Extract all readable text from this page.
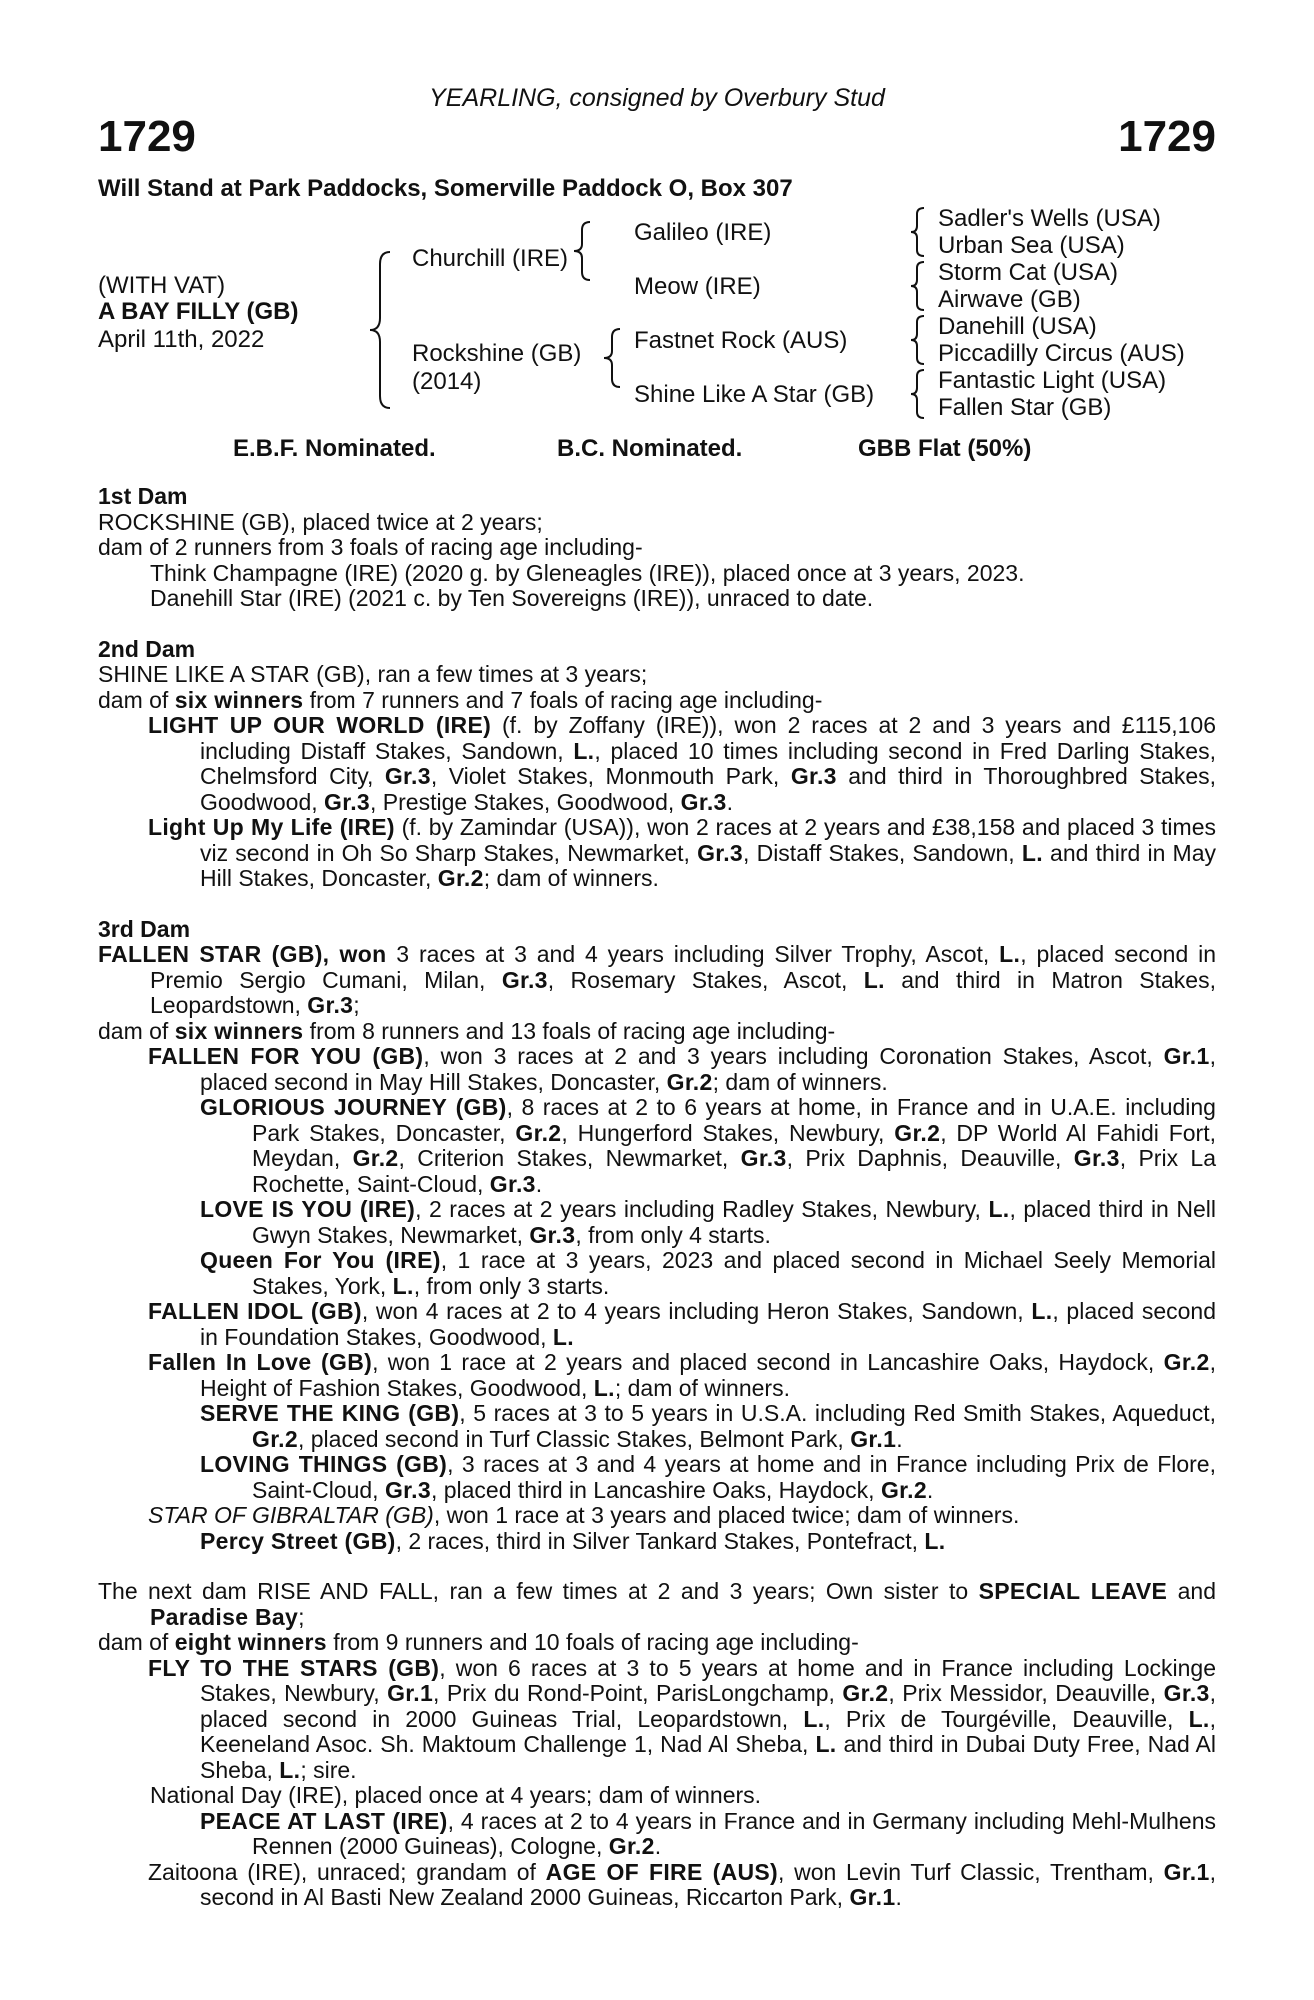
YEARLING, consigned by Overbury Stud
1729	1729
Will Stand at Park Paddocks, Somerville Paddock O, Box 307
(WITH VAT)
A BAY FILLY (GB)
April 11th, 2022
Churchill (IRE)
Rockshine (GB)
(2014)
Galileo (IRE)
Meow (IRE)
Fastnet Rock (AUS)
Shine Like A Star (GB)
Sadler's Wells (USA)
Urban Sea (USA)
Storm Cat (USA)
Airwave (GB)
Danehill (USA)
Piccadilly Circus (AUS)
Fantastic Light (USA)
Fallen Star (GB)
E.B.F. Nominated.	B.C. Nominated.	GBB Flat (50%)
1st Dam
ROCKSHINE (GB), placed twice at 2 years;
dam of 2 runners from 3 foals of racing age including-
Think Champagne (IRE) (2020 g. by Gleneagles (IRE)), placed once at 3 years, 2023.
Danehill Star (IRE) (2021 c. by Ten Sovereigns (IRE)), unraced to date.
2nd Dam
SHINE LIKE A STAR (GB), ran a few times at 3 years;
dam of six winners from 7 runners and 7 foals of racing age including-
LIGHT UP OUR WORLD (IRE) (f. by Zoffany (IRE)), won 2 races at 2 and 3 years and £115,106 including Distaff Stakes, Sandown, L., placed 10 times including second in Fred Darling Stakes, Chelmsford City, Gr.3, Violet Stakes, Monmouth Park, Gr.3 and third in Thoroughbred Stakes, Goodwood, Gr.3, Prestige Stakes, Goodwood, Gr.3.
Light Up My Life (IRE) (f. by Zamindar (USA)), won 2 races at 2 years and £38,158 and placed 3 times viz second in Oh So Sharp Stakes, Newmarket, Gr.3, Distaff Stakes, Sandown, L. and third in May Hill Stakes, Doncaster, Gr.2; dam of winners.
3rd Dam
FALLEN STAR (GB), won 3 races at 3 and 4 years including Silver Trophy, Ascot, L., placed second in Premio Sergio Cumani, Milan, Gr.3, Rosemary Stakes, Ascot, L. and third in Matron Stakes, Leopardstown, Gr.3;
dam of six winners from 8 runners and 13 foals of racing age including-
FALLEN FOR YOU (GB), won 3 races at 2 and 3 years including Coronation Stakes, Ascot, Gr.1, placed second in May Hill Stakes, Doncaster, Gr.2; dam of winners.
GLORIOUS JOURNEY (GB), 8 races at 2 to 6 years at home, in France and in U.A.E. including Park Stakes, Doncaster, Gr.2, Hungerford Stakes, Newbury, Gr.2, DP World Al Fahidi Fort, Meydan, Gr.2, Criterion Stakes, Newmarket, Gr.3, Prix Daphnis, Deauville, Gr.3, Prix La Rochette, Saint-Cloud, Gr.3.
LOVE IS YOU (IRE), 2 races at 2 years including Radley Stakes, Newbury, L., placed third in Nell Gwyn Stakes, Newmarket, Gr.3, from only 4 starts.
Queen For You (IRE), 1 race at 3 years, 2023 and placed second in Michael Seely Memorial Stakes, York, L., from only 3 starts.
FALLEN IDOL (GB), won 4 races at 2 to 4 years including Heron Stakes, Sandown, L., placed second in Foundation Stakes, Goodwood, L.
Fallen In Love (GB), won 1 race at 2 years and placed second in Lancashire Oaks, Haydock, Gr.2, Height of Fashion Stakes, Goodwood, L.; dam of winners.
SERVE THE KING (GB), 5 races at 3 to 5 years in U.S.A. including Red Smith Stakes, Aqueduct, Gr.2, placed second in Turf Classic Stakes, Belmont Park, Gr.1.
LOVING THINGS (GB), 3 races at 3 and 4 years at home and in France including Prix de Flore, Saint-Cloud, Gr.3, placed third in Lancashire Oaks, Haydock, Gr.2.
STAR OF GIBRALTAR (GB), won 1 race at 3 years and placed twice; dam of winners.
Percy Street (GB), 2 races, third in Silver Tankard Stakes, Pontefract, L.
The next dam RISE AND FALL, ran a few times at 2 and 3 years; Own sister to SPECIAL LEAVE and Paradise Bay;
dam of eight winners from 9 runners and 10 foals of racing age including-
FLY TO THE STARS (GB), won 6 races at 3 to 5 years at home and in France including Lockinge Stakes, Newbury, Gr.1, Prix du Rond-Point, ParisLongchamp, Gr.2, Prix Messidor, Deauville, Gr.3, placed second in 2000 Guineas Trial, Leopardstown, L., Prix de Tourgéville, Deauville, L., Keeneland Asoc. Sh. Maktoum Challenge 1, Nad Al Sheba, L. and third in Dubai Duty Free, Nad Al Sheba, L.; sire.
National Day (IRE), placed once at 4 years; dam of winners.
PEACE AT LAST (IRE), 4 races at 2 to 4 years in France and in Germany including Mehl-Mulhens Rennen (2000 Guineas), Cologne, Gr.2.
Zaitoona (IRE), unraced; grandam of AGE OF FIRE (AUS), won Levin Turf Classic, Trentham, Gr.1, second in Al Basti New Zealand 2000 Guineas, Riccarton Park, Gr.1.
